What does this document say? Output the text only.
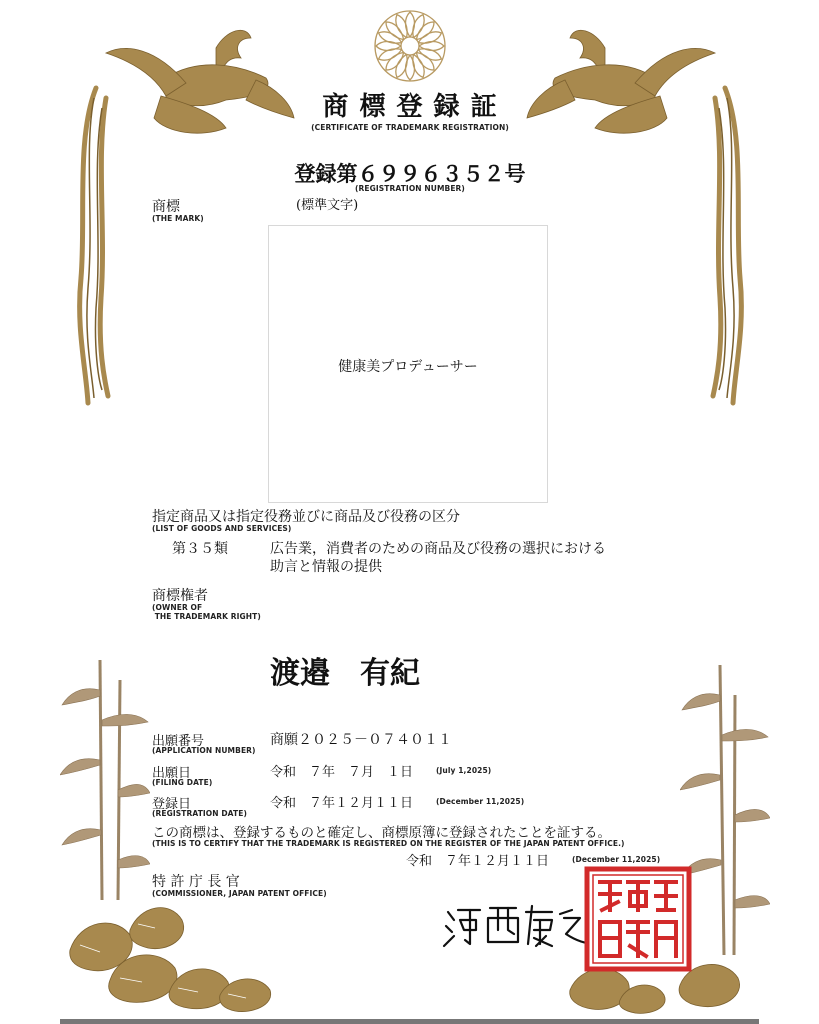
商 標 登 録 証
(CERTIFICATE OF TRADEMARK REGISTRATION)
登録第６９９６３５２号
(REGISTRATION NUMBER)
商標
(THE MARK)
(標準文字)
健康美プロデューサー
指定商品又は指定役務並びに商品及び役務の区分
(LIST OF GOODS AND SERVICES)
第３５類	広告業，消費者のための商品及び役務の選択における
助言と情報の提供
商標権者
(OWNER OF
THE TRADEMARK RIGHT)
渡邉　有紀
出願番号
(APPLICATION NUMBER)
商願２０２５－０７４０１１
出願日
(FILING DATE)
令和　７年　７月　１日	(July 1,2025)
登録日
(REGISTRATION DATE)
令和　７年１２月１１日	(December 11,2025)
この商標は、登録するものと確定し、商標原簿に登録されたことを証する。
(THIS IS TO CERTIFY THAT THE TRADEMARK IS REGISTERED ON THE REGISTER OF THE JAPAN PATENT OFFICE.)
令和　７年１２月１１日	(December 11,2025)
特 許 庁 長 官
(COMMISSIONER, JAPAN PATENT OFFICE)
